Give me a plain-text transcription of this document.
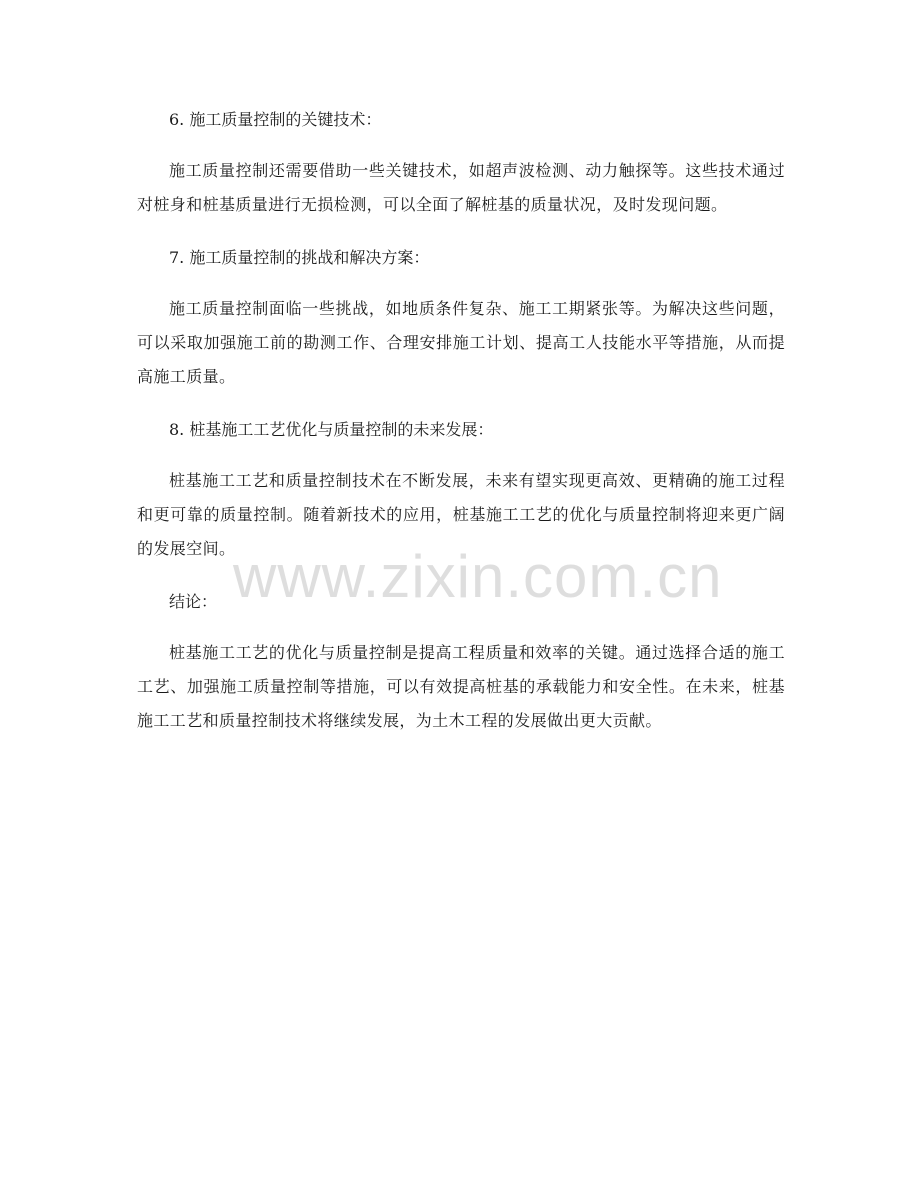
6. 施工质量控制的关键技术：

施工质量控制还需要借助一些关键技术，如超声波检测、动力触探等。这些技术通过对桩身和桩基质量进行无损检测，可以全面了解桩基的质量状况，及时发现问题。

7. 施工质量控制的挑战和解决方案：

施工质量控制面临一些挑战，如地质条件复杂、施工工期紧张等。为解决这些问题，可以采取加强施工前的勘测工作、合理安排施工计划、提高工人技能水平等措施，从而提高施工质量。

8. 桩基施工工艺优化与质量控制的未来发展：

桩基施工工艺和质量控制技术在不断发展，未来有望实现更高效、更精确的施工过程和更可靠的质量控制。随着新技术的应用，桩基施工工艺的优化与质量控制将迎来更广阔的发展空间。

结论：

桩基施工工艺的优化与质量控制是提高工程质量和效率的关键。通过选择合适的施工工艺、加强施工质量控制等措施，可以有效提高桩基的承载能力和安全性。在未来，桩基施工工艺和质量控制技术将继续发展，为土木工程的发展做出更大贡献。

www.zixin.com.cn
